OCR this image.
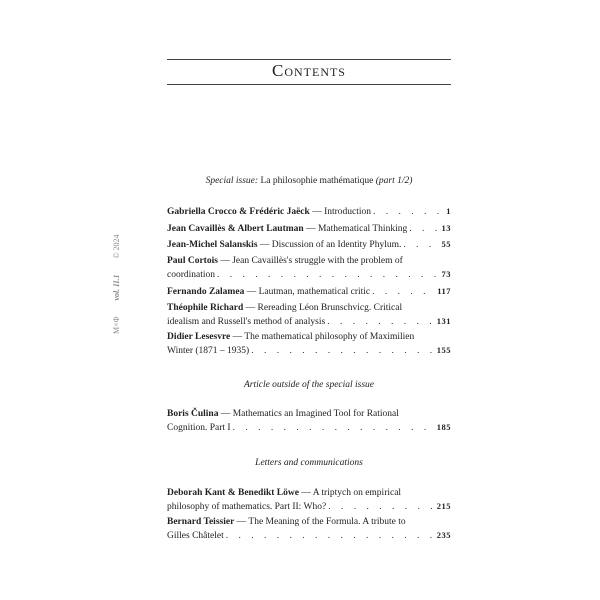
Contents
M×Φ vol. II.1 © 2024
Special issue: La philosophie mathématique (part 1/2)
Gabriella Crocco & Frédéric Jaëck — Introduction . . .	1
Jean Cavaillès & Albert Lautman — Mathematical Thinking . . .	13
Jean-Michel Salanskis — Discussion of an Identity Phylum. . . .	55
Paul Cortois — Jean Cavaillès's struggle with the problem of
coordination . . .	73
Fernando Zalamea — Lautman, mathematical critic . . .	117
Théophile Richard — Rereading Léon Brunschvicg. Critical
idealism and Russell's method of analysis . . .	131
Didier Lesesvre — The mathematical philosophy of Maximilien
Winter (1871 – 1935) . . .	155
Article outside of the special issue
Boris Čulina — Mathematics an Imagined Tool for Rational
Cognition. Part I . . .	185
Letters and communications
Deborah Kant & Benedikt Löwe — A triptych on empirical
philosophy of mathematics. Part II: Who? . . .	215
Bernard Teissier — The Meaning of the Formula. A tribute to
Gilles Châtelet . . .	235
